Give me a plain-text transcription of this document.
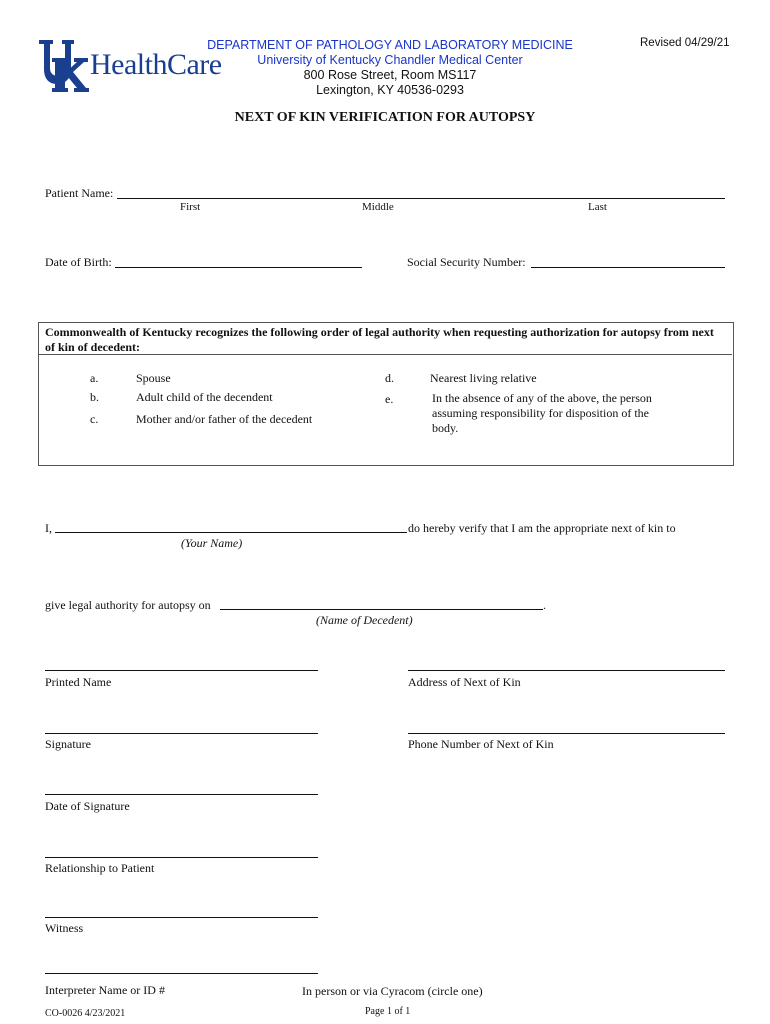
HealthCare
DEPARTMENT OF PATHOLOGY AND LABORATORY MEDICINE
University of Kentucky Chandler Medical Center
800 Rose Street, Room MS117
Lexington, KY 40536-0293
Revised 04/29/21
NEXT OF KIN VERIFICATION FOR AUTOPSY
Patient Name:
First	Middle	Last
Date of Birth:	Social Security Number:
Commonwealth of Kentucky recognizes the following order of legal authority when requesting authorization for autopsy from next of kin of decedent:
a.	Spouse
b.	Adult child of the decendent
c.	Mother and/or father of the decedent
d.	Nearest living relative
e.	In the absence of any of the above, the person assuming responsibility for disposition of the body.
I,	do hereby verify that I am the appropriate next of kin to
(Your Name)
give legal authority for autopsy on	.
(Name of Decedent)
Printed Name	Address of Next of Kin
Signature	Phone Number of Next of Kin
Date of Signature
Relationship to Patient
Witness
Interpreter Name or ID #	In person or via Cyracom (circle one)
CO-0026 4/23/2021	Page 1 of 1
